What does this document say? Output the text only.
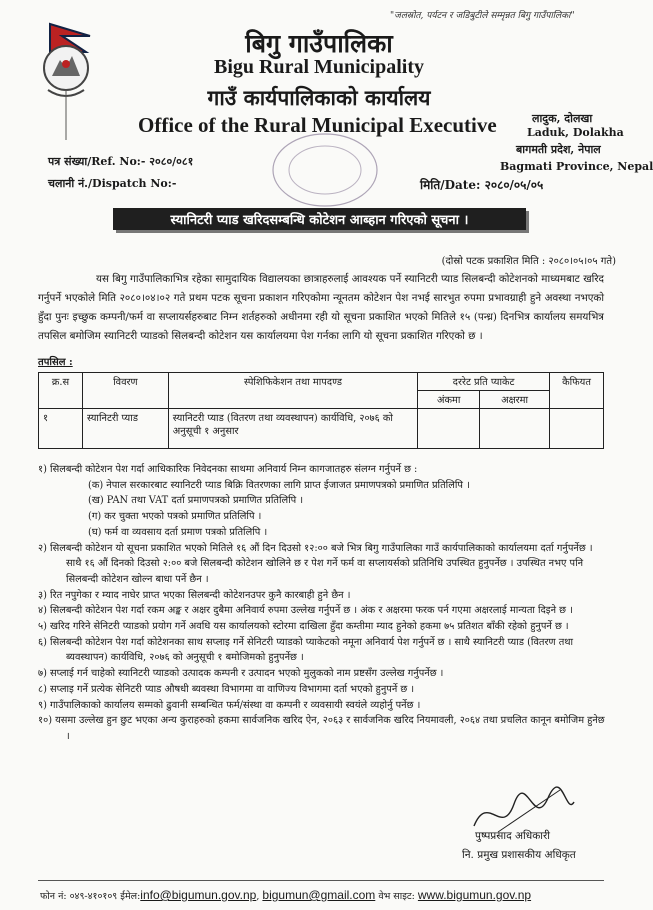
"जलस्रोत, पर्यटन र जडिबुटीले सम्मृन्नत बिगु गाउँपालिका"
बिगु गाउँपालिका
Bigu Rural Municipality
गाउँ कार्यपालिकाको कार्यालय
Office of the Rural Municipal Executive	लादुक, दोलखा
Laduk, Dolakha
बागमती प्रदेश, नेपाल
Bagmati Province, Nepal
पत्र संख्या/Ref. No:- २०८०/०८१
चलानी नं./Dispatch No:-	मिति/Date: २०८०/०५/०५
स्यानिटरी प्याड खरिदसम्बन्धि कोटेशन आब्हान गरिएको सूचना ।
(दोस्रो पटक प्रकाशित मिति : २०८०।०५।०५ गते)
यस बिगु गाउँपालिकाभित्र रहेका सामुदायिक विद्यालयका छात्राहरुलाई आवश्यक पर्ने स्यानिटरी प्याड सिलबन्दी कोटेशनको माध्यमबाट खरिद गर्नुपर्ने भएकोले मिति २०८०।०४।०२ गते प्रथम पटक सूचना प्रकाशन गरिएकोमा न्यूनतम कोटेशन पेश नभई सारभुत रुपमा प्रभावग्राही हुने अवस्था नभएकाे हुँदा पुनः इच्छुक कम्पनी/फर्म वा सप्लायर्सहरुबाट निम्न शर्तहरुको अधीनमा रही यो सूचना प्रकाशित भएको मितिले १५ (पन्ध्र) दिनभित्र कार्यालय समयभित्र तपसिल बमोजिम स्यानिटरी प्याडको सिलबन्दी कोटेशन यस कार्यालयमा पेश गर्नका लागि यो सूचना प्रकाशित गरिएको छ ।
तपसिल :
क्र.स	विवरण	स्पेशिफिकेशन तथा मापदण्ड	दररेट प्रति प्याकेट		कैफियत
			अंकमा	अक्षरमा	
१	स्यानिटरी प्याड	स्यानिटरी प्याड (वितरण तथा व्यवस्थापन) कार्यविधि, २०७६ को अनुसूची १ अनुसार			

१) सिलबन्दी कोटेशन पेश गर्दा आधिकारिक निवेदनका साथमा अनिवार्य निम्न कागजातहरु संलग्न गर्नुपर्ने छ :

(क) नेपाल सरकारबाट स्यानिटरी प्याड बिक्रि वितरणका लागि प्राप्त ईजाजत प्रमाणपत्रको प्रमाणित प्रतिलिपि ।

(ख) PAN तथा VAT दर्ता प्रमाणपत्रको प्रमाणित प्रतिलिपि ।

(ग) कर चुक्ता भएको पत्रको प्रमाणित प्रतिलिपि ।

(घ) फर्म वा व्यवसाय दर्ता प्रमाण पत्रको प्रतिलिपि ।

२) सिलबन्दी कोटेशन यो सूचना प्रकाशित भएको मितिले १६ औं दिन दिउसो १२:०० बजे भित्र बिगु गाउँपालिका गाउँ कार्यपालिकाको कार्यालयमा दर्ता गर्नुपर्नेछ । साथै १६ औं दिनको दिउसो २:०० बजे सिलबन्दी कोटेशन खोलिने छ र पेश गर्ने फर्म वा सप्लायर्सको प्रतिनिधि उपस्थित हुनुपर्नेछ । उपस्थित नभए पनि सिलबन्दी कोटेशन खोल्न बाधा पर्ने छैन ।

३) रित नपुगेका र म्याद नाघेर प्राप्त भएका सिलबन्दी कोटेशनउपर कुनै कारबाही हुने छैन ।

४) सिलबन्दी कोटेशन पेश गर्दा रकम अङ्क र अक्षर दुबैमा अनिवार्य रुपमा उल्लेख गर्नुपर्ने छ । अंक र अक्षरमा फरक पर्न गएमा अक्षरलाई मान्यता दिइने छ ।

५) खरिद गरिने सेनिटरी प्याडको प्रयोग गर्ने अवधि यस कार्यालयको स्टोरमा दाखिला हुँदा कम्तीमा म्याद हुनेको हकमा ७५ प्रतिशत बाँकी रहेको हुनुपर्ने छ ।

६) सिलबन्दी कोटेशन पेश गर्दा कोटेशनका साथ सप्लाइ गर्ने सेनिटरी प्याडको प्याकेटको नमूना अनिवार्य पेश गर्नुपर्ने छ । साथै स्यानिटरी प्याड (वितरण तथा ब्यवस्थापन) कार्यविधि, २०७६ को अनुसूची १ बमोजिमको हुनुपर्नेछ ।

७) सप्लाई गर्न चाहेको स्यानिटरी प्याडको उत्पादक कम्पनी र उत्पादन भएको मुलुकको नाम प्रष्टसँग उल्लेख गर्नुपर्नेछ ।

८) सप्लाइ गर्ने प्रत्येक सेनिटरी प्याड औषधी ब्यवस्था विभागमा वा वाणिज्य विभागमा दर्ता भएको हुनुपर्ने छ ।

९) गाउँपालिकाको कार्यालय सम्मको ढुवानी सम्बन्धित फर्म/संस्था वा कम्पनी र व्यवसायी स्वयंले व्यहोर्नु पर्नेछ ।

१०) यसमा उल्लेख हुन छुट भएका अन्य कुराहरुको हकमा सार्वजनिक खरिद ऐन, २०६३ र सार्वजनिक खरिद नियमावली, २०६४ तथा प्रचलित कानून बमोजिम हुनेछ ।

पुष्पप्रसाद अधिकारी
नि. प्रमुख प्रशासकीय अधिकृत
फोन नं: ०४९-४१०१०९ ईमेल:info@bigumun.gov.np, bigumun@gmail.com वेभ साइट: www.bigumun.gov.np
